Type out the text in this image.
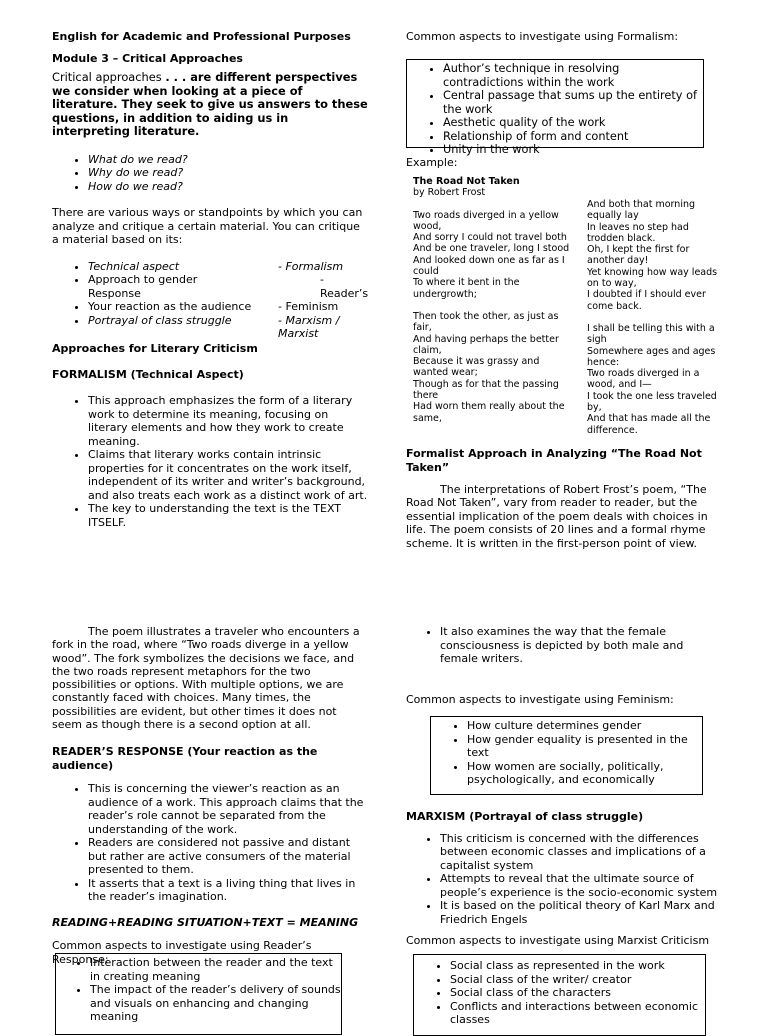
English for Academic and Professional Purposes

Module 3 – Critical Approaches

Critical approaches . . . are different perspectives we consider when looking at a piece of literature. They seek to give us answers to these questions, in addition to aiding us in interpreting literature.

• What do we read?
• Why do we read?
• How do we read?

There are various ways or standpoints by which you can analyze and critique a certain material. You can critique a material based on its:

• Technical aspect	- Formalism
• Approach to gender	- Reader’s
Response
• Your reaction as the audience - Feminism
• Portrayal of class struggle	- Marxism / Marxist

Approaches for Literary Criticism

FORMALISM (Technical Aspect)

• This approach emphasizes the form of a literary work to determine its meaning, focusing on literary elements and how they work to create meaning.
• Claims that literary works contain intrinsic properties for it concentrates on the work itself, independent of its writer and writer’s background, and also treats each work as a distinct work of art.
• The key to understanding the text is the TEXT ITSELF.

Common aspects to investigate using Formalism:

• Author’s technique in resolving contradictions within the work
• Central passage that sums up the entirety of the work
• Aesthetic quality of the work
• Relationship of form and content
• Unity in the work

Example:

The Road Not Taken

by Robert Frost

Two roads diverged in a yellow wood,

And sorry I could not travel both

And be one traveler, long I stood

And looked down one as far as I could

To where it bent in the undergrowth;

Then took the other, as just as fair,

And having perhaps the better claim,

Because it was grassy and wanted wear;

Though as for that the passing there

Had worn them really about the same,

And both that morning equally lay

In leaves no step had trodden black.

Oh, I kept the first for another day!

Yet knowing how way leads on to way,

I doubted if I should ever come back.

I shall be telling this with a sigh

Somewhere ages and ages hence:

Two roads diverged in a wood, and I—

I took the one less traveled by,

And that has made all the difference.

Formalist Approach in Analyzing “The Road Not Taken”

The interpretations of Robert Frost’s poem, “The Road Not Taken”, vary from reader to reader, but the essential implication of the poem deals with choices in life. The poem consists of 20 lines and a formal rhyme scheme. It is written in the first-person point of view.

The poem illustrates a traveler who encounters a fork in the road, where “Two roads diverge in a yellow wood”. The fork symbolizes the decisions we face, and the two roads represent metaphors for the two possibilities or options. With multiple options, we are constantly faced with choices. Many times, the possibilities are evident, but other times it does not seem as though there is a second option at all.

READER’S RESPONSE (Your reaction as the audience)

• This is concerning the viewer’s reaction as an audience of a work. This approach claims that the reader’s role cannot be separated from the understanding of the work.
• Readers are considered not passive and distant but rather are active consumers of the material presented to them.
• It asserts that a text is a living thing that lives in the reader’s imagination.

READING+READING SITUATION+TEXT = MEANING

Common aspects to investigate using Reader’s Response:

• Interaction between the reader and the text in creating meaning
• The impact of the reader’s delivery of sounds and visuals on enhancing and changing meaning
• It also examines the way that the female consciousness is depicted by both male and female writers.

Common aspects to investigate using Feminism:

• How culture determines gender
• How gender equality is presented in the text
• How women are socially, politically, psychologically, and economically

MARXISM (Portrayal of class struggle)

• This criticism is concerned with the differences between economic classes and implications of a capitalist system
• Attempts to reveal that the ultimate source of people’s experience is the socio-economic system
• It is based on the political theory of Karl Marx and Friedrich Engels

Common aspects to investigate using Marxist Criticism

• Social class as represented in the work
• Social class of the writer/ creator
• Social class of the characters
• Conflicts and interactions between economic classes
